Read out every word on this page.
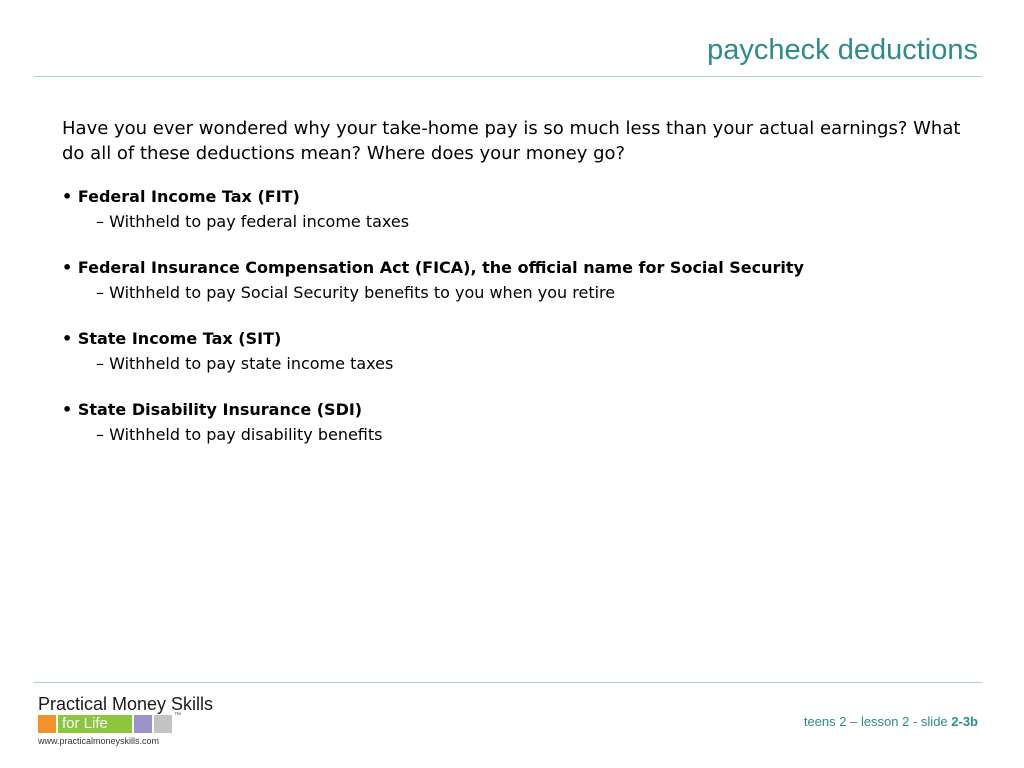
paycheck deductions

Have you ever wondered why your take-home pay is so much less than your actual earnings? What do all of these deductions mean? Where does your money go?

• Federal Income Tax (FIT)
– Withheld to pay federal income taxes
• Federal Insurance Compensation Act (FICA), the official name for Social Security
– Withheld to pay Social Security benefits to you when you retire
• State Income Tax (SIT)
– Withheld to pay state income taxes
• State Disability Insurance (SDI)
– Withheld to pay disability benefits
Practical Money Skills
for Life	™
www.practicalmoneyskills.com
teens 2 – lesson 2 - slide 2-3b
